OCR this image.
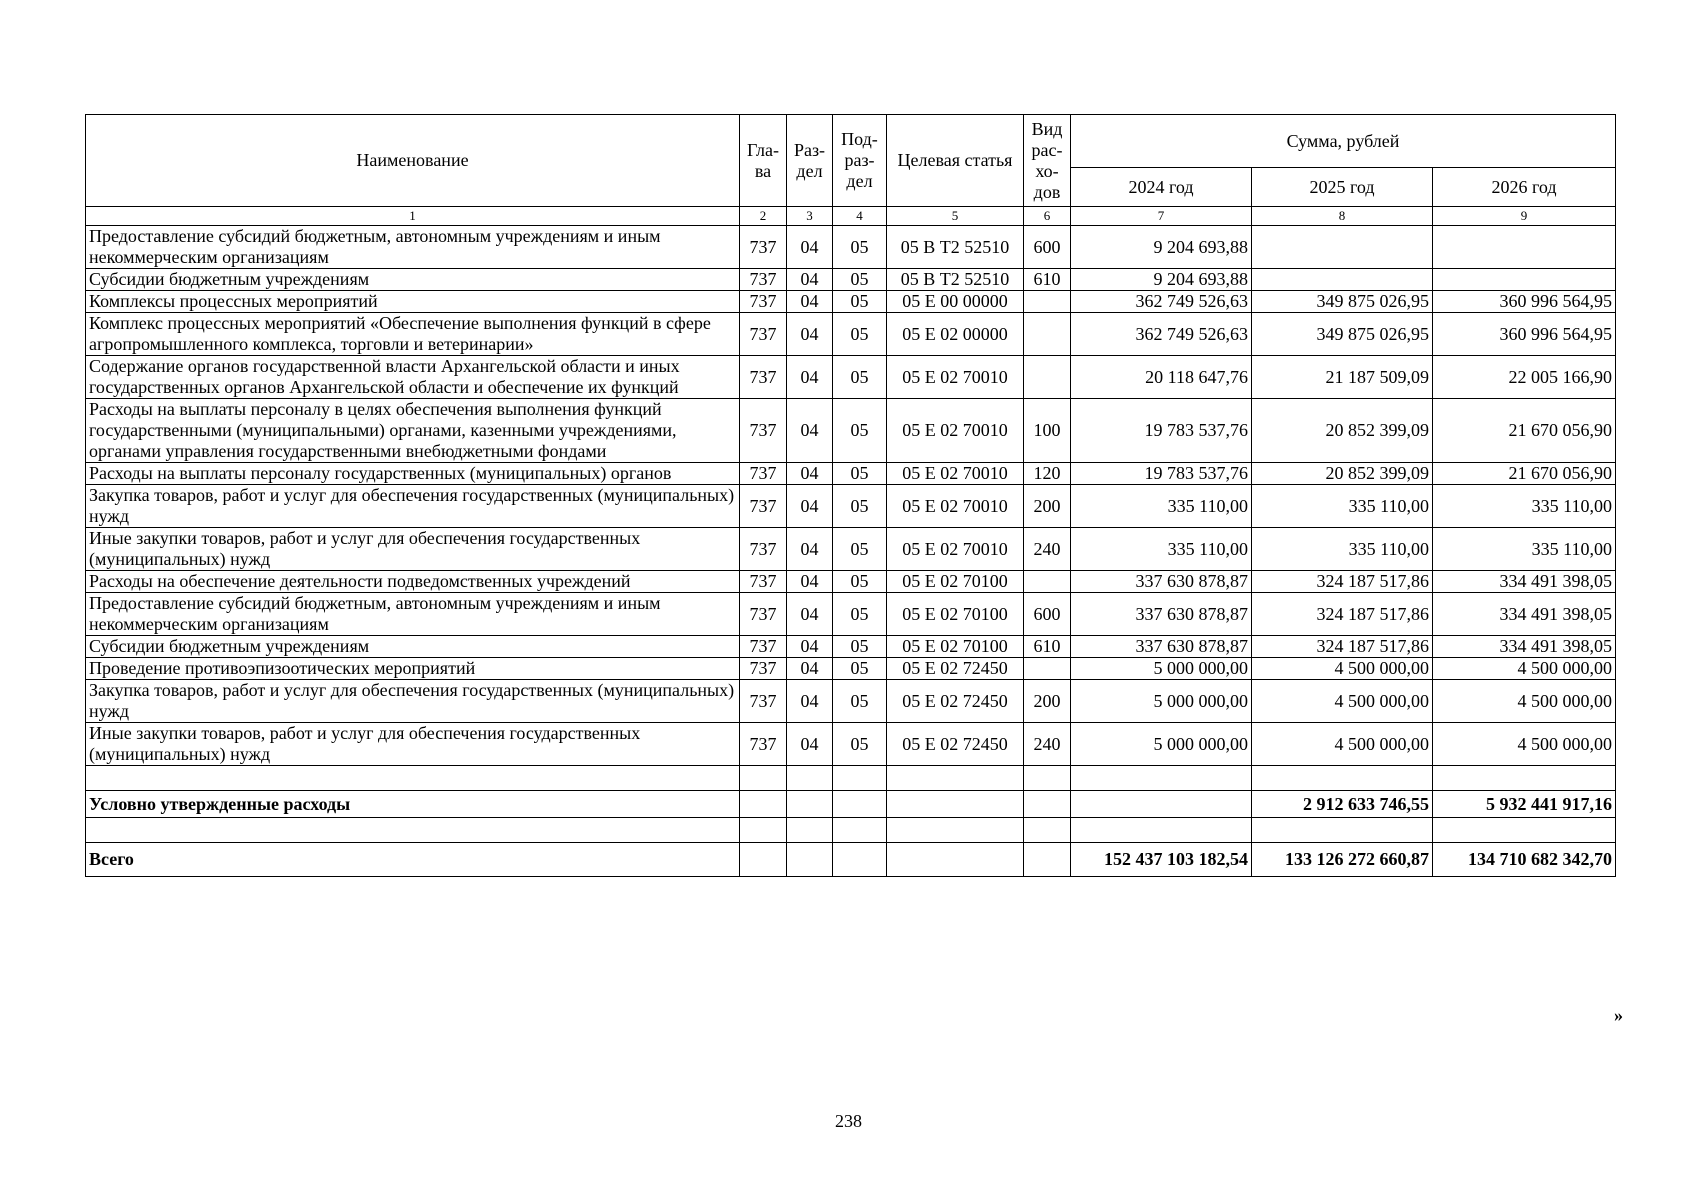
Наименование	Гла-ва	Раз-дел	Под-раз-дел	Целевая статья	Вид рас-хо-дов	Сумма, рублей		
						2024 год	2025 год	2026 год
1	2	3	4	5	6	7	8	9
Предоставление субсидий бюджетным, автономным учреждениям и иным некоммерческим организациям	737	04	05	05 В Т2 52510	600	9 204 693,88		
Субсидии бюджетным учреждениям	737	04	05	05 В Т2 52510	610	9 204 693,88		
Комплексы процессных мероприятий	737	04	05	05 Е 00 00000		362 749 526,63	349 875 026,95	360 996 564,95
Комплекс процессных мероприятий «Обеспечение выполнения функций в сфере агропромышленного комплекса, торговли и ветеринарии»	737	04	05	05 Е 02 00000		362 749 526,63	349 875 026,95	360 996 564,95
Содержание органов государственной власти Архангельской области и иных государственных органов Архангельской области и обеспечение их функций	737	04	05	05 Е 02 70010		20 118 647,76	21 187 509,09	22 005 166,90
Расходы на выплаты персоналу в целях обеспечения выполнения функций государственными (муниципальными) органами, казенными учреждениями, органами управления государственными внебюджетными фондами	737	04	05	05 Е 02 70010	100	19 783 537,76	20 852 399,09	21 670 056,90
Расходы на выплаты персоналу государственных (муниципальных) органов	737	04	05	05 Е 02 70010	120	19 783 537,76	20 852 399,09	21 670 056,90
Закупка товаров, работ и услуг для обеспечения государственных (муниципальных) нужд	737	04	05	05 Е 02 70010	200	335 110,00	335 110,00	335 110,00
Иные закупки товаров, работ и услуг для обеспечения государственных (муниципальных) нужд	737	04	05	05 Е 02 70010	240	335 110,00	335 110,00	335 110,00
Расходы на обеспечение деятельности подведомственных учреждений	737	04	05	05 Е 02 70100		337 630 878,87	324 187 517,86	334 491 398,05
Предоставление субсидий бюджетным, автономным учреждениям и иным некоммерческим организациям	737	04	05	05 Е 02 70100	600	337 630 878,87	324 187 517,86	334 491 398,05
Субсидии бюджетным учреждениям	737	04	05	05 Е 02 70100	610	337 630 878,87	324 187 517,86	334 491 398,05
Проведение противоэпизоотических мероприятий	737	04	05	05 Е 02 72450		5 000 000,00	4 500 000,00	4 500 000,00
Закупка товаров, работ и услуг для обеспечения государственных (муниципальных) нужд	737	04	05	05 Е 02 72450	200	5 000 000,00	4 500 000,00	4 500 000,00
Иные закупки товаров, работ и услуг для обеспечения государственных (муниципальных) нужд	737	04	05	05 Е 02 72450	240	5 000 000,00	4 500 000,00	4 500 000,00

Условно утвержденные расходы							2 912 633 746,55	5 932 441 917,16

Всего						152 437 103 182,54	133 126 272 660,87	134 710 682 342,70
»
238
